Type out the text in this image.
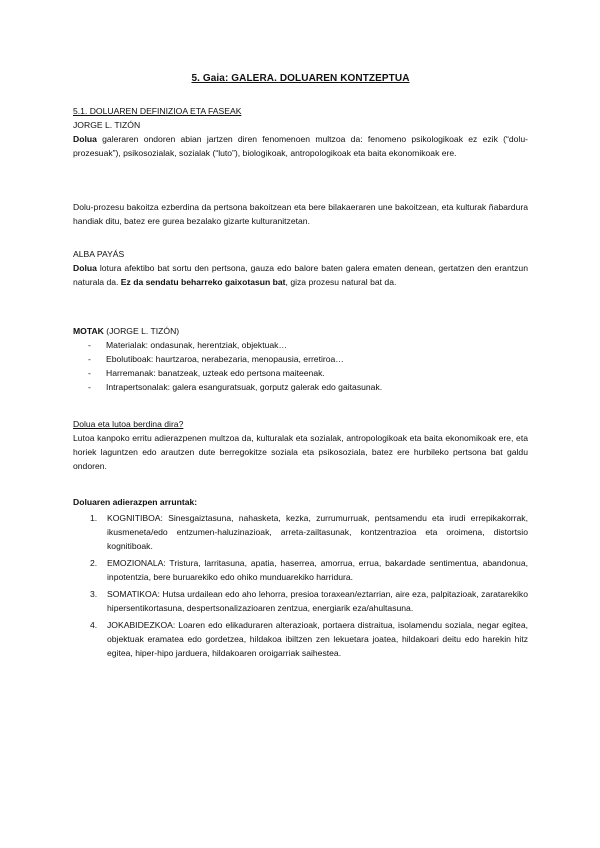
5. Gaia: GALERA. DOLUAREN KONTZEPTUA

5.1. DOLUAREN DEFINIZIOA ETA FASEAK

JORGE L. TIZÓN

Dolua galeraren ondoren abian jartzen diren fenomenoen multzoa da: fenomeno psikologikoak ez ezik (“dolu-prozesuak”), psikosozialak, sozialak (“luto”), biologikoak, antropologikoak eta baita ekonomikoak ere.

Dolu-prozesu bakoitza ezberdina da pertsona bakoitzean eta bere bilakaeraren une bakoitzean, eta kulturak ñabardura handiak ditu, batez ere gurea bezalako gizarte kulturanitzetan.

ALBA PAYÁS

Dolua lotura afektibo bat sortu den pertsona, gauza edo balore baten galera ematen denean, gertatzen den erantzun naturala da. Ez da sendatu beharreko gaixotasun bat, giza prozesu natural bat da.

MOTAK (JORGE L. TIZÓN)

- Materialak: ondasunak, herentziak, objektuak…
- Ebolutiboak: haurtzaroa, nerabezaria, menopausia, erretiroa…
- Harremanak: banatzeak, uzteak edo pertsona maiteenak.
- Intrapertsonalak: galera esanguratsuak, gorputz galerak edo gaitasunak.

Dolua eta lutoa berdina dira?

Lutoa kanpoko erritu adierazpenen multzoa da, kulturalak eta sozialak, antropologikoak eta baita ekonomikoak ere, eta horiek laguntzen edo arautzen dute berregokitze soziala eta psikosoziala, batez ere hurbileko pertsona bat galdu ondoren.

Doluaren adierazpen arruntak:

1. KOGNITIBOA: Sinesgaiztasuna, nahasketa, kezka, zurrumurruak, pentsamendu eta irudi errepikakorrak, ikusmeneta/edo entzumen-haluzinazioak, arreta-zailtasunak, kontzentrazioa eta oroimena, distortsio kognitiboak.
2. EMOZIONALA: Tristura, larritasuna, apatia, haserrea, amorrua, errua, bakardade sentimentua, abandonua, inpotentzia, bere buruarekiko edo ohiko munduarekiko harridura.
3. SOMATIKOA: Hutsa urdailean edo aho lehorra, presioa toraxean/eztarrian, aire eza, palpitazioak, zaratarekiko hipersentikortasuna, despertsonalizazioaren zentzua, energiarik eza/ahultasuna.
4. JOKABIDEZKOA: Loaren edo elikaduraren alterazioak, portaera distraitua, isolamendu soziala, negar egitea, objektuak eramatea edo gordetzea, hildakoa ibiltzen zen lekuetara joatea, hildakoari deitu edo harekin hitz egitea, hiper-hipo jarduera, hildakoaren oroigarriak saihestea.
